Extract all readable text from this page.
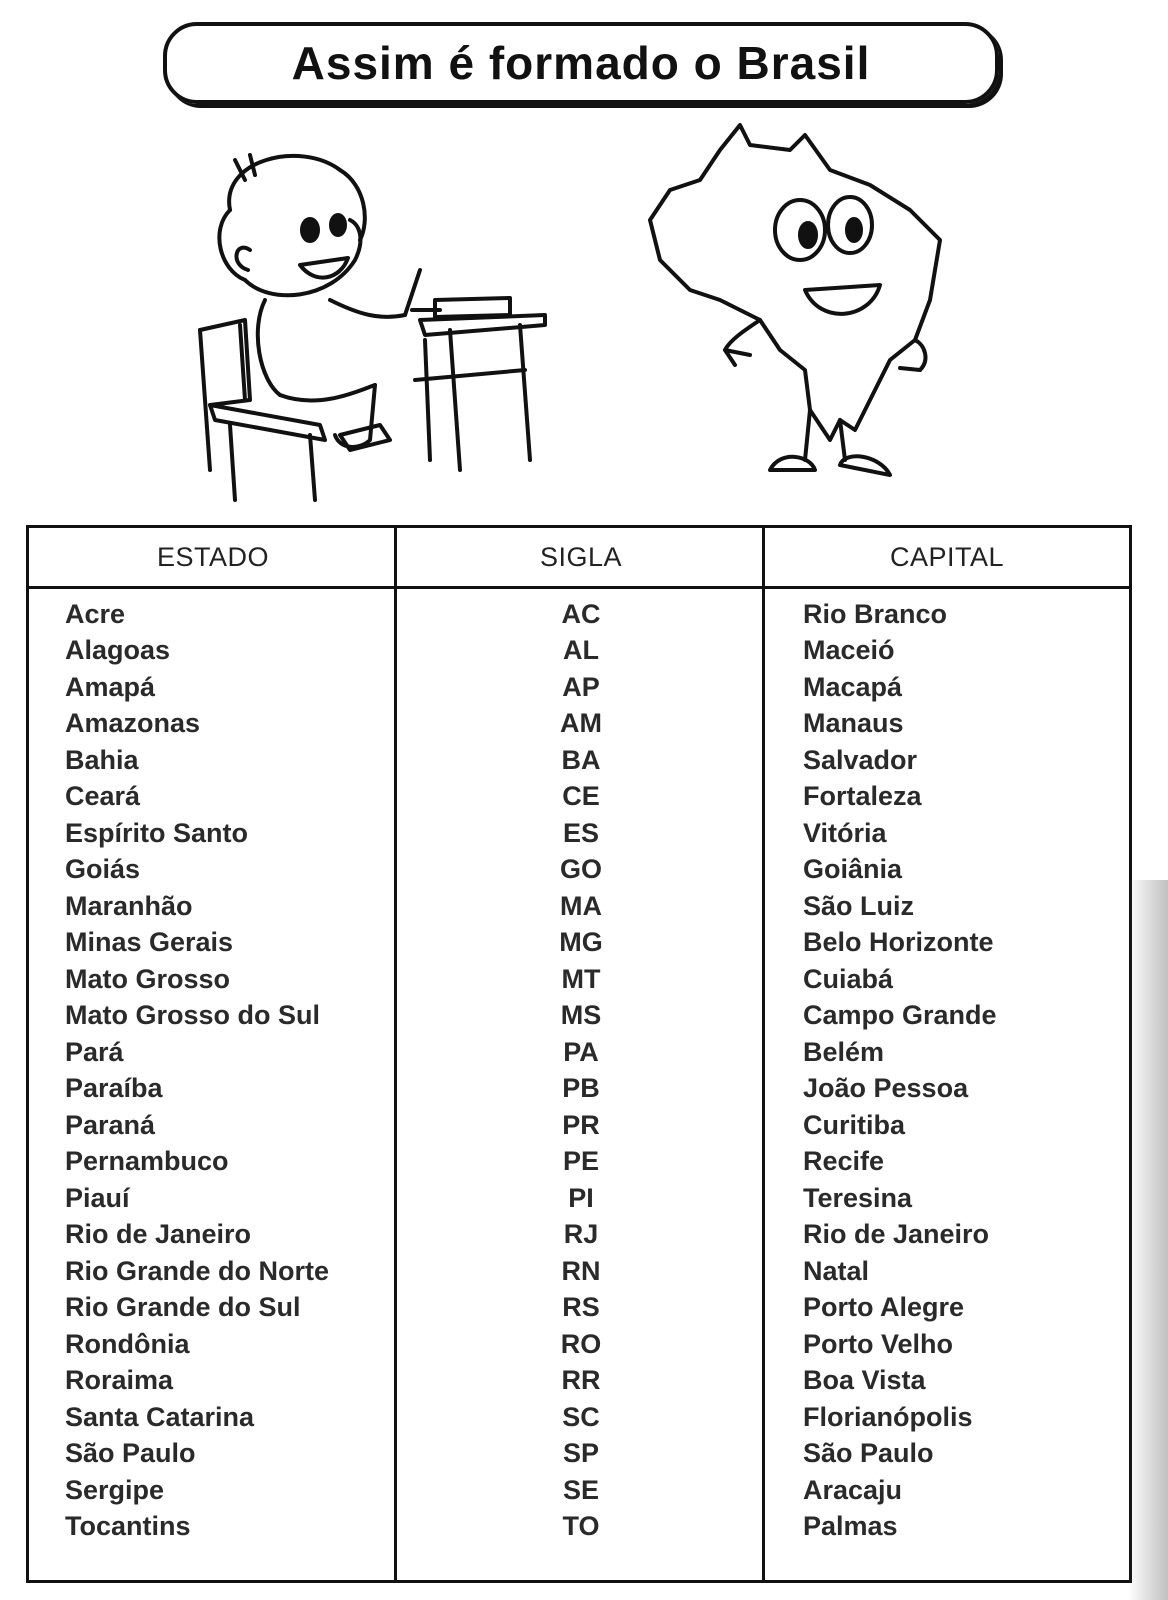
Assim é formado o Brasil
ESTADO	SIGLA	CAPITAL
Acre	AC	Rio Branco
Alagoas	AL	Maceió
Amapá	AP	Macapá
Amazonas	AM	Manaus
Bahia	BA	Salvador
Ceará	CE	Fortaleza
Espírito Santo	ES	Vitória
Goiás	GO	Goiânia
Maranhão	MA	São Luiz
Minas Gerais	MG	Belo Horizonte
Mato Grosso	MT	Cuiabá
Mato Grosso do Sul	MS	Campo Grande
Pará	PA	Belém
Paraíba	PB	João Pessoa
Paraná	PR	Curitiba
Pernambuco	PE	Recife
Piauí	PI	Teresina
Rio de Janeiro	RJ	Rio de Janeiro
Rio Grande do Norte	RN	Natal
Rio Grande do Sul	RS	Porto Alegre
Rondônia	RO	Porto Velho
Roraima	RR	Boa Vista
Santa Catarina	SC	Florianópolis
São Paulo	SP	São Paulo
Sergipe	SE	Aracaju
Tocantins	TO	Palmas
